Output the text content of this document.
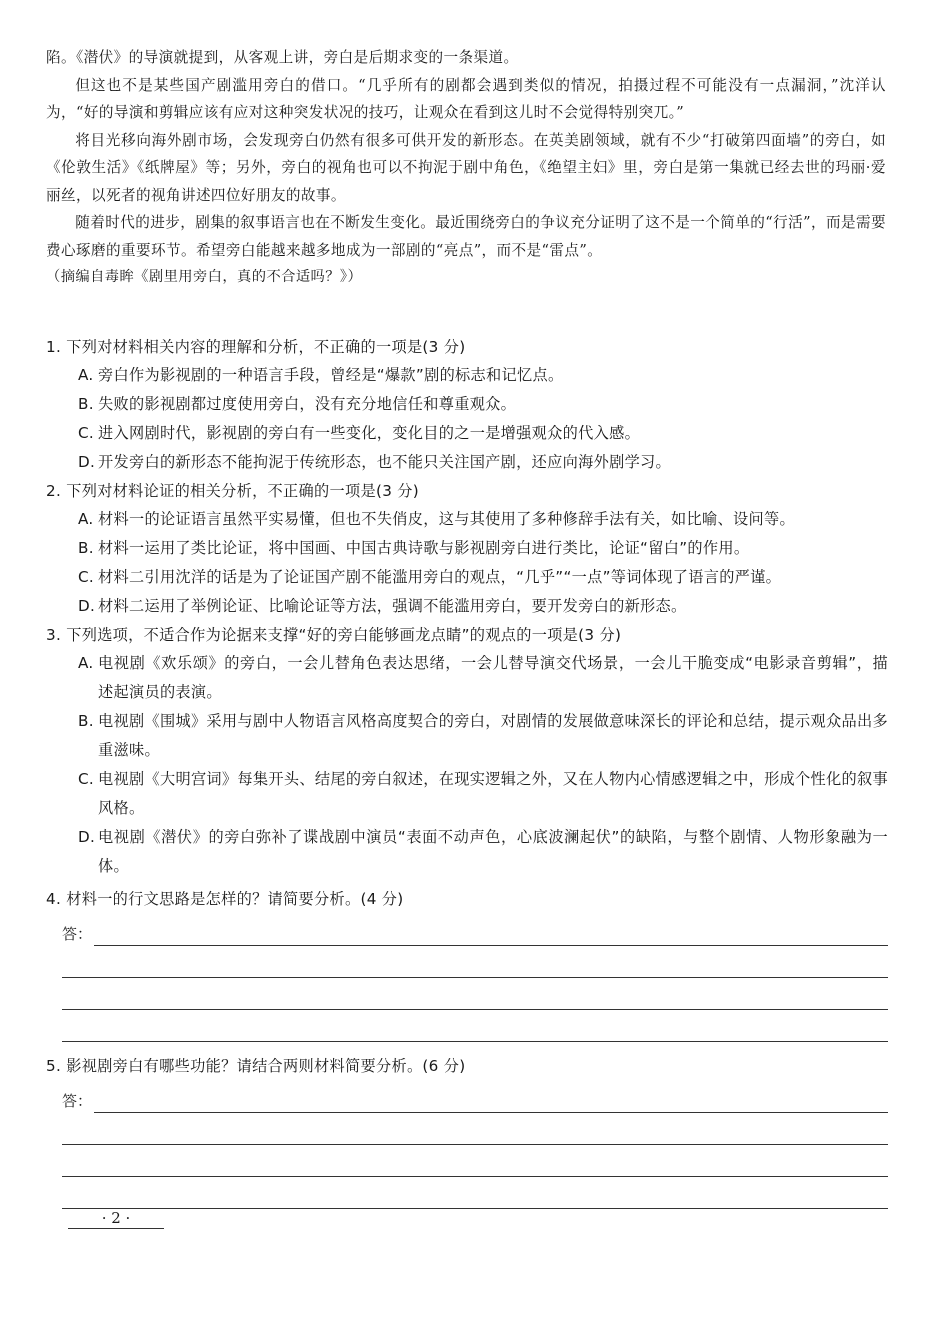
陷。《潜伏》的导演就提到，从客观上讲，旁白是后期求变的一条渠道。

但这也不是某些国产剧滥用旁白的借口。“几乎所有的剧都会遇到类似的情况，拍摄过程不可能没有一点漏洞，”沈洋认为，“好的导演和剪辑应该有应对这种突发状况的技巧，让观众在看到这儿时不会觉得特别突兀。”

将目光移向海外剧市场，会发现旁白仍然有很多可供开发的新形态。在英美剧领域，就有不少“打破第四面墙”的旁白，如《伦敦生活》《纸牌屋》等；另外，旁白的视角也可以不拘泥于剧中角色，《绝望主妇》里，旁白是第一集就已经去世的玛丽·爱丽丝，以死者的视角讲述四位好朋友的故事。

随着时代的进步，剧集的叙事语言也在不断发生变化。最近围绕旁白的争议充分证明了这不是一个简单的“行活”，而是需要费心琢磨的重要环节。希望旁白能越来越多地成为一部剧的“亮点”，而不是“雷点”。

（摘编自毒眸《剧里用旁白，真的不合适吗？》）

1. 下列对材料相关内容的理解和分析，不正确的一项是(3 分)

A. 旁白作为影视剧的一种语言手段，曾经是“爆款”剧的标志和记忆点。
B. 失败的影视剧都过度使用旁白，没有充分地信任和尊重观众。
C. 进入网剧时代，影视剧的旁白有一些变化，变化目的之一是增强观众的代入感。
D. 开发旁白的新形态不能拘泥于传统形态，也不能只关注国产剧，还应向海外剧学习。

2. 下列对材料论证的相关分析，不正确的一项是(3 分)

A. 材料一的论证语言虽然平实易懂，但也不失俏皮，这与其使用了多种修辞手法有关，如比喻、设问等。
B. 材料一运用了类比论证，将中国画、中国古典诗歌与影视剧旁白进行类比，论证“留白”的作用。
C. 材料二引用沈洋的话是为了论证国产剧不能滥用旁白的观点，“几乎”“一点”等词体现了语言的严谨。
D. 材料二运用了举例论证、比喻论证等方法，强调不能滥用旁白，要开发旁白的新形态。

3. 下列选项，不适合作为论据来支撑“好的旁白能够画龙点睛”的观点的一项是(3 分)

A. 电视剧《欢乐颂》的旁白，一会儿替角色表达思绪，一会儿替导演交代场景，一会儿干脆变成“电影录音剪辑”，描述起演员的表演。
B. 电视剧《围城》采用与剧中人物语言风格高度契合的旁白，对剧情的发展做意味深长的评论和总结，提示观众品出多重滋味。
C. 电视剧《大明宫词》每集开头、结尾的旁白叙述，在现实逻辑之外，又在人物内心情感逻辑之中，形成个性化的叙事风格。
D. 电视剧《潜伏》的旁白弥补了谍战剧中演员“表面不动声色，心底波澜起伏”的缺陷，与整个剧情、人物形象融为一体。

4. 材料一的行文思路是怎样的？请简要分析。(4 分)

答：

5. 影视剧旁白有哪些功能？请结合两则材料简要分析。(6 分)

答：
· 2 ·
